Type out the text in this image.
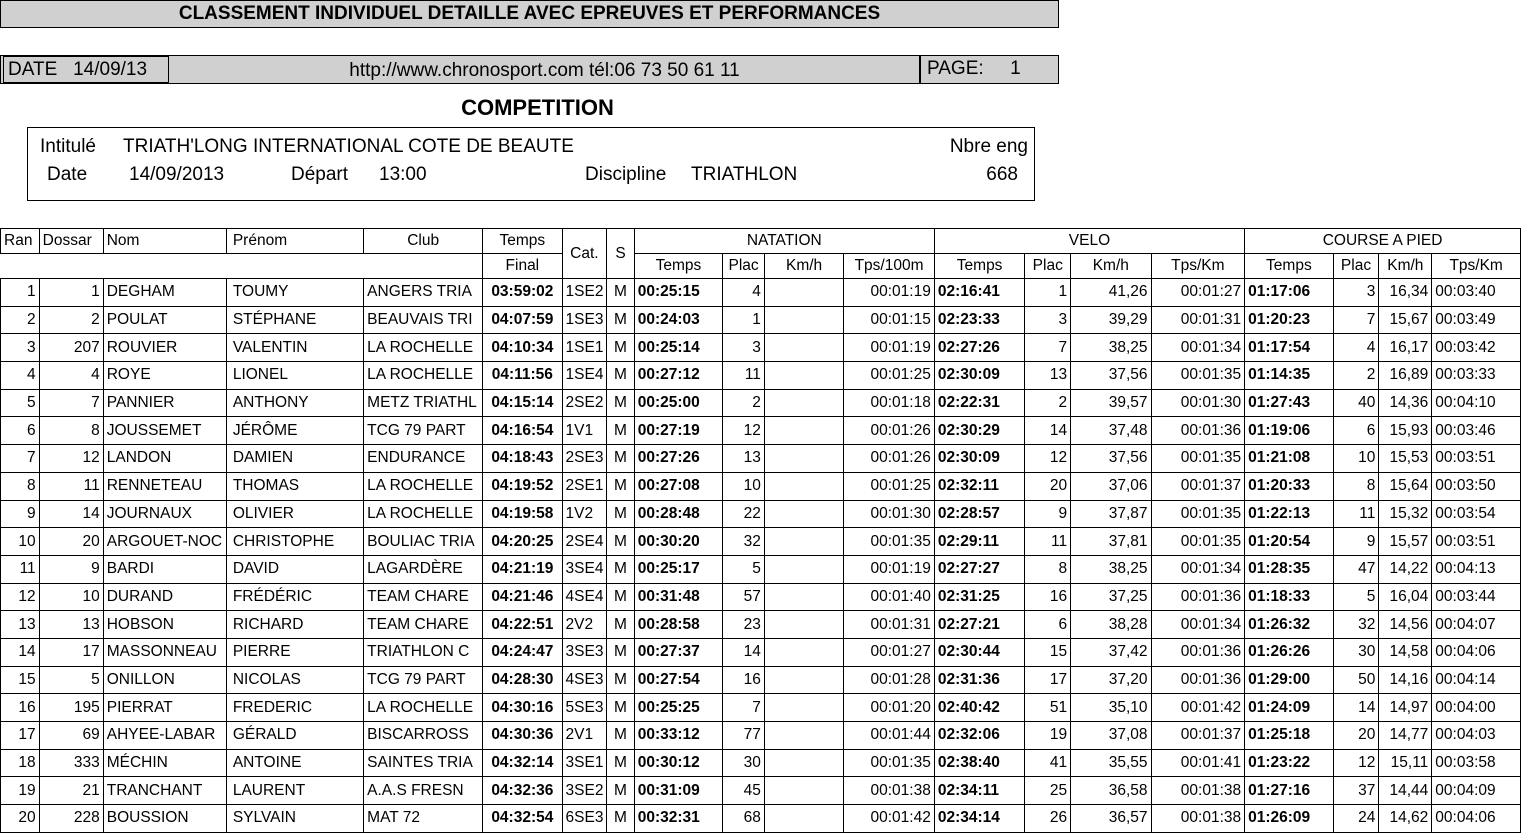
CLASSEMENT INDIVIDUEL DETAILLE AVEC EPREUVES ET PERFORMANCES
DATE 14/09/13	http://www.chronosport.com tél:06 73 50 61 11	PAGE: 1
COMPETITION
Intitulé TRIATH'LONG INTERNATIONAL COTE DE BEAUTE	Nbre eng
Date 14/09/2013	Départ 13:00	Discipline TRIATHLON	668
Ran	Dossar	Nom	Prénom	Club	Temps	Cat.	S	NATATION				VELO				COURSE A PIED			
					Final			Temps	Plac	Km/h	Tps/100m	Temps	Plac	Km/h	Tps/Km	Temps	Plac	Km/h	Tps/Km
1	1	DEGHAM	TOUMY	ANGERS TRIA	03:59:02	1SE2	M	00:25:15	4		00:01:19	02:16:41	1	41,26	00:01:27	01:17:06	3	16,34	00:03:40
2	2	POULAT	STÉPHANE	BEAUVAIS TRI	04:07:59	1SE3	M	00:24:03	1		00:01:15	02:23:33	3	39,29	00:01:31	01:20:23	7	15,67	00:03:49
3	207	ROUVIER	VALENTIN	LA ROCHELLE	04:10:34	1SE1	M	00:25:14	3		00:01:19	02:27:26	7	38,25	00:01:34	01:17:54	4	16,17	00:03:42
4	4	ROYE	LIONEL	LA ROCHELLE	04:11:56	1SE4	M	00:27:12	11		00:01:25	02:30:09	13	37,56	00:01:35	01:14:35	2	16,89	00:03:33
5	7	PANNIER	ANTHONY	METZ TRIATHL	04:15:14	2SE2	M	00:25:00	2		00:01:18	02:22:31	2	39,57	00:01:30	01:27:43	40	14,36	00:04:10
6	8	JOUSSEMET	JÉRÔME	TCG 79 PART	04:16:54	1V1	M	00:27:19	12		00:01:26	02:30:29	14	37,48	00:01:36	01:19:06	6	15,93	00:03:46
7	12	LANDON	DAMIEN	ENDURANCE	04:18:43	2SE3	M	00:27:26	13		00:01:26	02:30:09	12	37,56	00:01:35	01:21:08	10	15,53	00:03:51
8	11	RENNETEAU	THOMAS	LA ROCHELLE	04:19:52	2SE1	M	00:27:08	10		00:01:25	02:32:11	20	37,06	00:01:37	01:20:33	8	15,64	00:03:50
9	14	JOURNAUX	OLIVIER	LA ROCHELLE	04:19:58	1V2	M	00:28:48	22		00:01:30	02:28:57	9	37,87	00:01:35	01:22:13	11	15,32	00:03:54
10	20	ARGOUET-NOC	CHRISTOPHE	BOULIAC TRIA	04:20:25	2SE4	M	00:30:20	32		00:01:35	02:29:11	11	37,81	00:01:35	01:20:54	9	15,57	00:03:51
11	9	BARDI	DAVID	LAGARDÈRE	04:21:19	3SE4	M	00:25:17	5		00:01:19	02:27:27	8	38,25	00:01:34	01:28:35	47	14,22	00:04:13
12	10	DURAND	FRÉDÉRIC	TEAM CHARE	04:21:46	4SE4	M	00:31:48	57		00:01:40	02:31:25	16	37,25	00:01:36	01:18:33	5	16,04	00:03:44
13	13	HOBSON	RICHARD	TEAM CHARE	04:22:51	2V2	M	00:28:58	23		00:01:31	02:27:21	6	38,28	00:01:34	01:26:32	32	14,56	00:04:07
14	17	MASSONNEAU	PIERRE	TRIATHLON C	04:24:47	3SE3	M	00:27:37	14		00:01:27	02:30:44	15	37,42	00:01:36	01:26:26	30	14,58	00:04:06
15	5	ONILLON	NICOLAS	TCG 79 PART	04:28:30	4SE3	M	00:27:54	16		00:01:28	02:31:36	17	37,20	00:01:36	01:29:00	50	14,16	00:04:14
16	195	PIERRAT	FREDERIC	LA ROCHELLE	04:30:16	5SE3	M	00:25:25	7		00:01:20	02:40:42	51	35,10	00:01:42	01:24:09	14	14,97	00:04:00
17	69	AHYEE-LABAR	GÉRALD	BISCARROSS	04:30:36	2V1	M	00:33:12	77		00:01:44	02:32:06	19	37,08	00:01:37	01:25:18	20	14,77	00:04:03
18	333	MÉCHIN	ANTOINE	SAINTES TRIA	04:32:14	3SE1	M	00:30:12	30		00:01:35	02:38:40	41	35,55	00:01:41	01:23:22	12	15,11	00:03:58
19	21	TRANCHANT	LAURENT	A.A.S FRESN	04:32:36	3SE2	M	00:31:09	45		00:01:38	02:34:11	25	36,58	00:01:38	01:27:16	37	14,44	00:04:09
20	228	BOUSSION	SYLVAIN	MAT 72	04:32:54	6SE3	M	00:32:31	68		00:01:42	02:34:14	26	36,57	00:01:38	01:26:09	24	14,62	00:04:06
